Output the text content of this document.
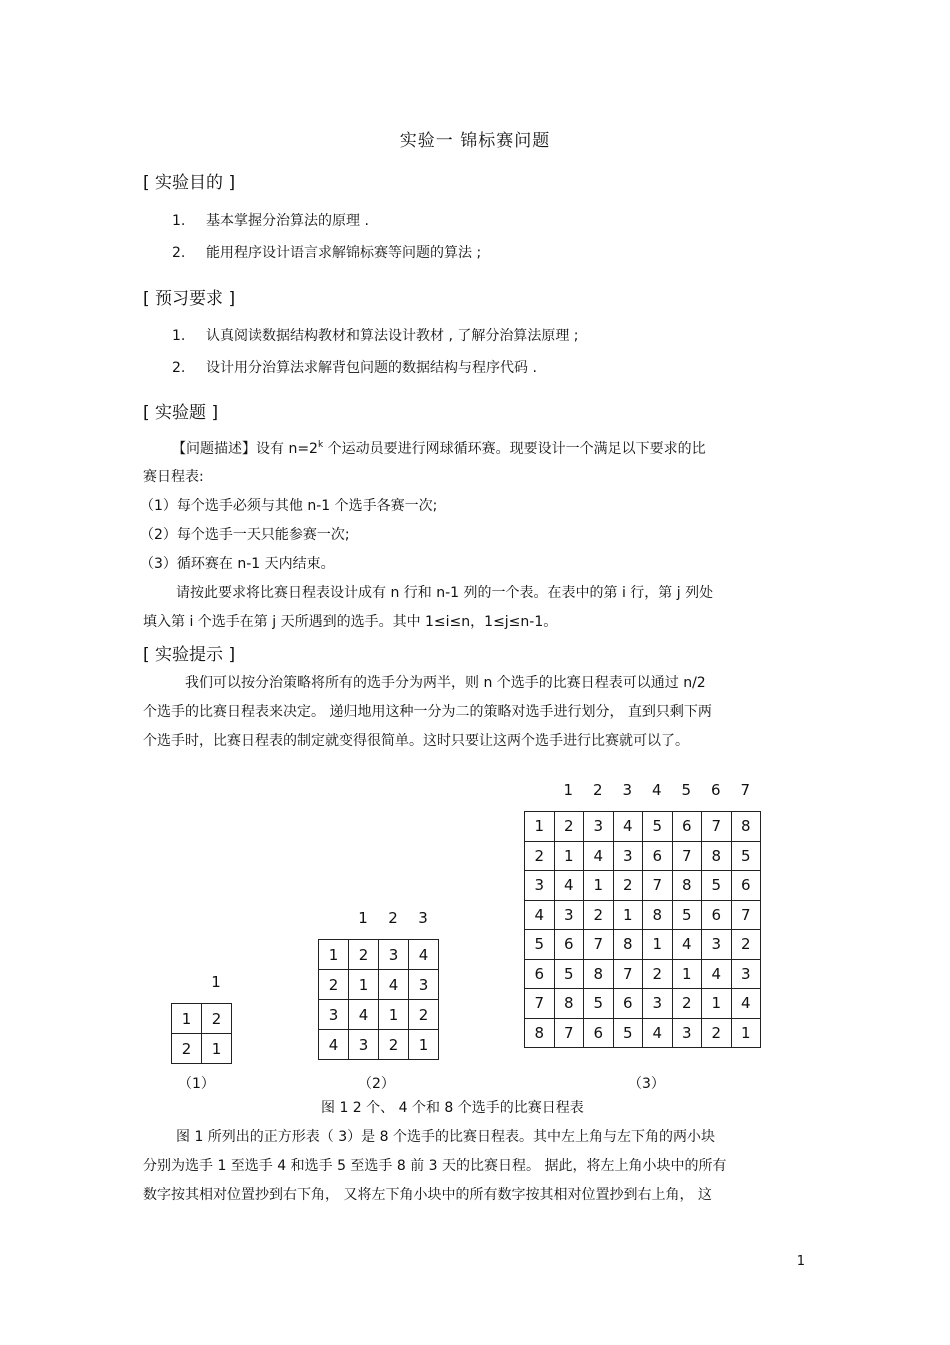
实验一 锦标赛问题
[ 实验目的 ]
1. 基本掌握分治算法的原理 .
2. 能用程序设计语言求解锦标赛等问题的算法 ;
[ 预习要求 ]
1. 认真阅读数据结构教材和算法设计教材 , 了解分治算法原理 ;
2. 设计用分治算法求解背包问题的数据结构与程序代码 .
[ 实验题 ]
【问题描述】设有 $n=2^k$ 个运动员要进行网球循环赛。现要设计一个满足以下要求的比
赛日程表:
（1）每个选手必须与其他 n-1 个选手各赛一次;
（2）每个选手一天只能参赛一次;
（3）循环赛在 n-1 天内结束。
请按此要求将比赛日程表设计成有 n 行和 n-1 列的一个表。在表中的第 i 行，第 j 列处
填入第 i 个选手在第 j 天所遇到的选手。其中 1≤i≤n，1≤j≤n-1。
[ 实验提示 ]
我们可以按分治策略将所有的选手分为两半，则 n 个选手的比赛日程表可以通过 n/2
个选手的比赛日程表来决定。 递归地用这种一分为二的策略对选手进行划分， 直到只剩下两
个选手时，比赛日程表的制定就变得很简单。这时只要让这两个选手进行比赛就可以了。
1
1	2
2	1
（1）
1	2	3
1	2	3	4
2	1	4	3
3	4	1	2
4	3	2	1
（2）
1	2	3	4	5	6	7
1	2	3	4	5	6	7	8
2	1	4	3	6	7	8	5
3	4	1	2	7	8	5	6
4	3	2	1	8	5	6	7
5	6	7	8	1	4	3	2
6	5	8	7	2	1	4	3
7	8	5	6	3	2	1	4
8	7	6	5	4	3	2	1
（3）
图 1 2 个、 4 个和 8 个选手的比赛日程表
图 1 所列出的正方形表（ 3）是 8 个选手的比赛日程表。其中左上角与左下角的两小块
分别为选手 1 至选手 4 和选手 5 至选手 8 前 3 天的比赛日程。 据此，将左上角小块中的所有
数字按其相对位置抄到右下角， 又将左下角小块中的所有数字按其相对位置抄到右上角， 这
1
